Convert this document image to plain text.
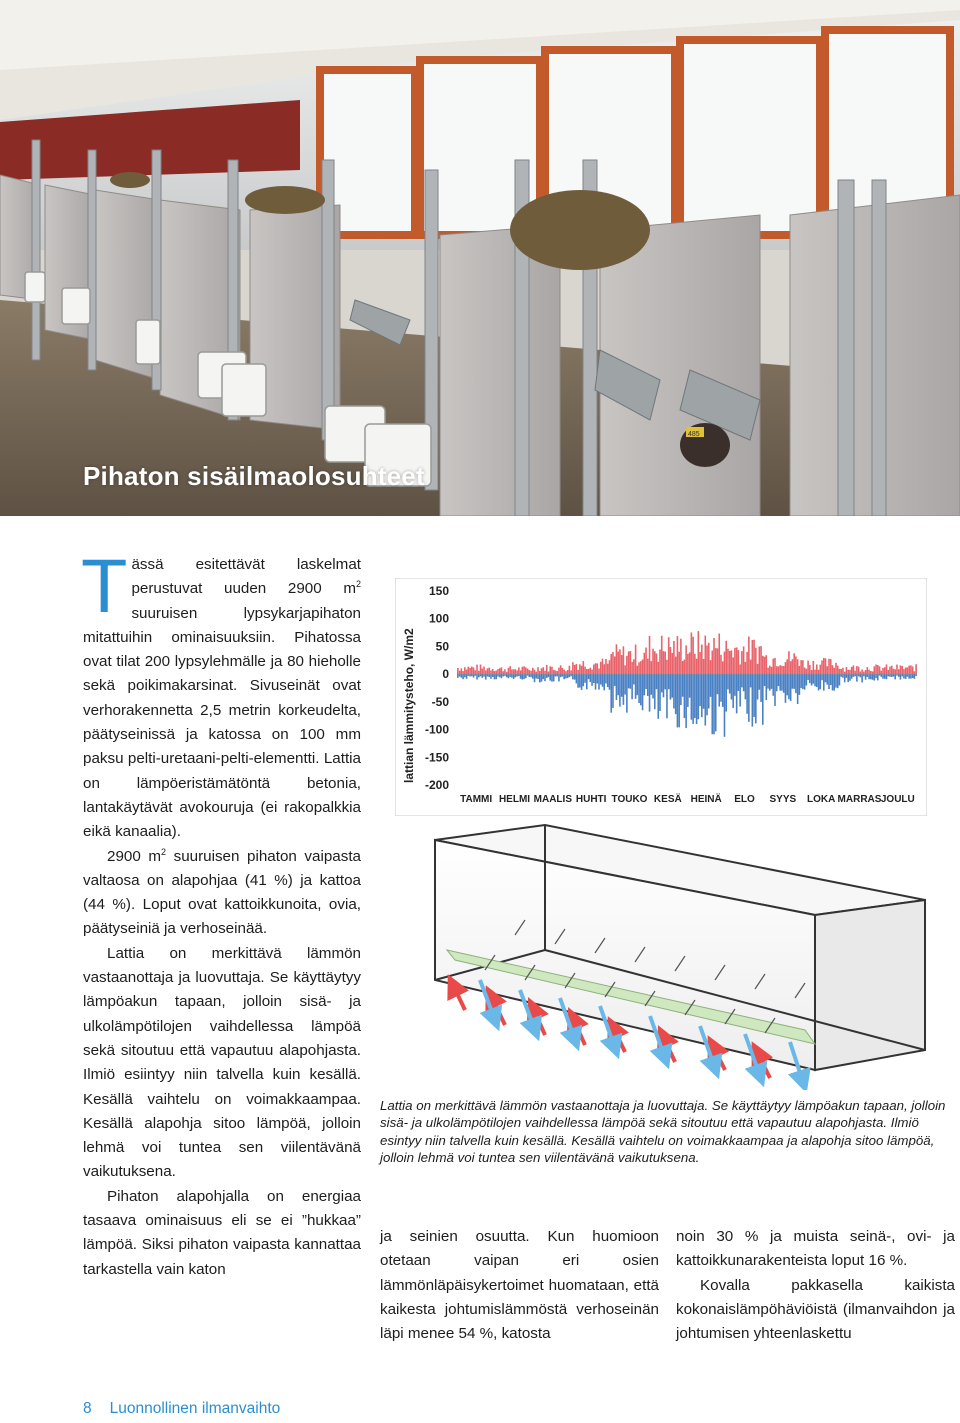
485
Pihaton sisäilmaolosuhteet

Tässä esitettävät laskelmat perustuvat uuden 2900 $m^2$ suuruisen lypsykarjapihaton mitattuihin ominaisuuksiin. Pihatossa ovat tilat 200 lypsylehmälle ja 80 hieholle sekä poikimakarsinat. Sivuseinät ovat verhorakennetta 2,5 metrin korkeudelta, päätyseinissä ja katossa on 100 mm paksu pelti-uretaani-pelti-elementti. Lattia on lämpöeristämätöntä betonia, lantakäytävät avokouruja (ei rakopalkkia eikä kanaalia).

2900 $m^2$ suuruisen pihaton vaipasta valtaosa on alapohjaa (41 %) ja kattoa (44 %). Loput ovat kattoikkunoita, ovia, päätyseiniä ja verhoseinää.

Lattia on merkittävä lämmön vastaanottaja ja luovuttaja. Se käyttäytyy lämpöakun tapaan, jolloin sisä- ja ulkolämpötilojen vaihdellessa lämpöä sekä sitoutuu että vapautuu alapohjasta. Ilmiö esiintyy niin talvella kuin kesällä. Kesällä vaihtelu on voimakkaampaa. Kesällä alapohja sitoo lämpöä, jolloin lehmä voi tuntea sen viilentävänä vaikutuksena.

Pihaton alapohjalla on energiaa tasaava ominaisuus eli se ei ”hukkaa” lämpöä. Siksi pihaton vaipasta kannattaa tarkastella vain katon

lattian lämmitysteho, W/m2
150
100
50
0
-50
-100
-150
-200
TAMMI HELMI MAALIS HUHTI TOUKO KESÄ HEINÄ ELO SYYS LOKA MARRAS JOULU
Lattia on merkittävä lämmön vastaanottaja ja luovuttaja. Se käyttäytyy lämpöakun tapaan, jolloin sisä- ja ulkolämpötilojen vaihdellessa lämpöä sekä sitoutuu että vapautuu alapohjasta. Ilmiö esintyy niin talvella kuin kesällä. Kesällä vaihtelu on voimakkaampaa ja alapohja sitoo lämpöä, jolloin lehmä voi tuntea sen viilentävänä vaikutuksena.

ja seinien osuutta. Kun huomioon otetaan vaipan eri osien lämmönläpäisykertoimet huomataan, että kaikesta johtumislämmöstä verhoseinän läpi menee 54 %, katosta

noin 30 % ja muista seinä-, ovi- ja kattoikkunarakenteista loput 16 %.

Kovalla pakkasella kaikista kokonaislämpöhäviöistä (ilmanvaihdon ja johtumisen yhteenlaskettu

8 Luonnollinen ilmanvaihto
